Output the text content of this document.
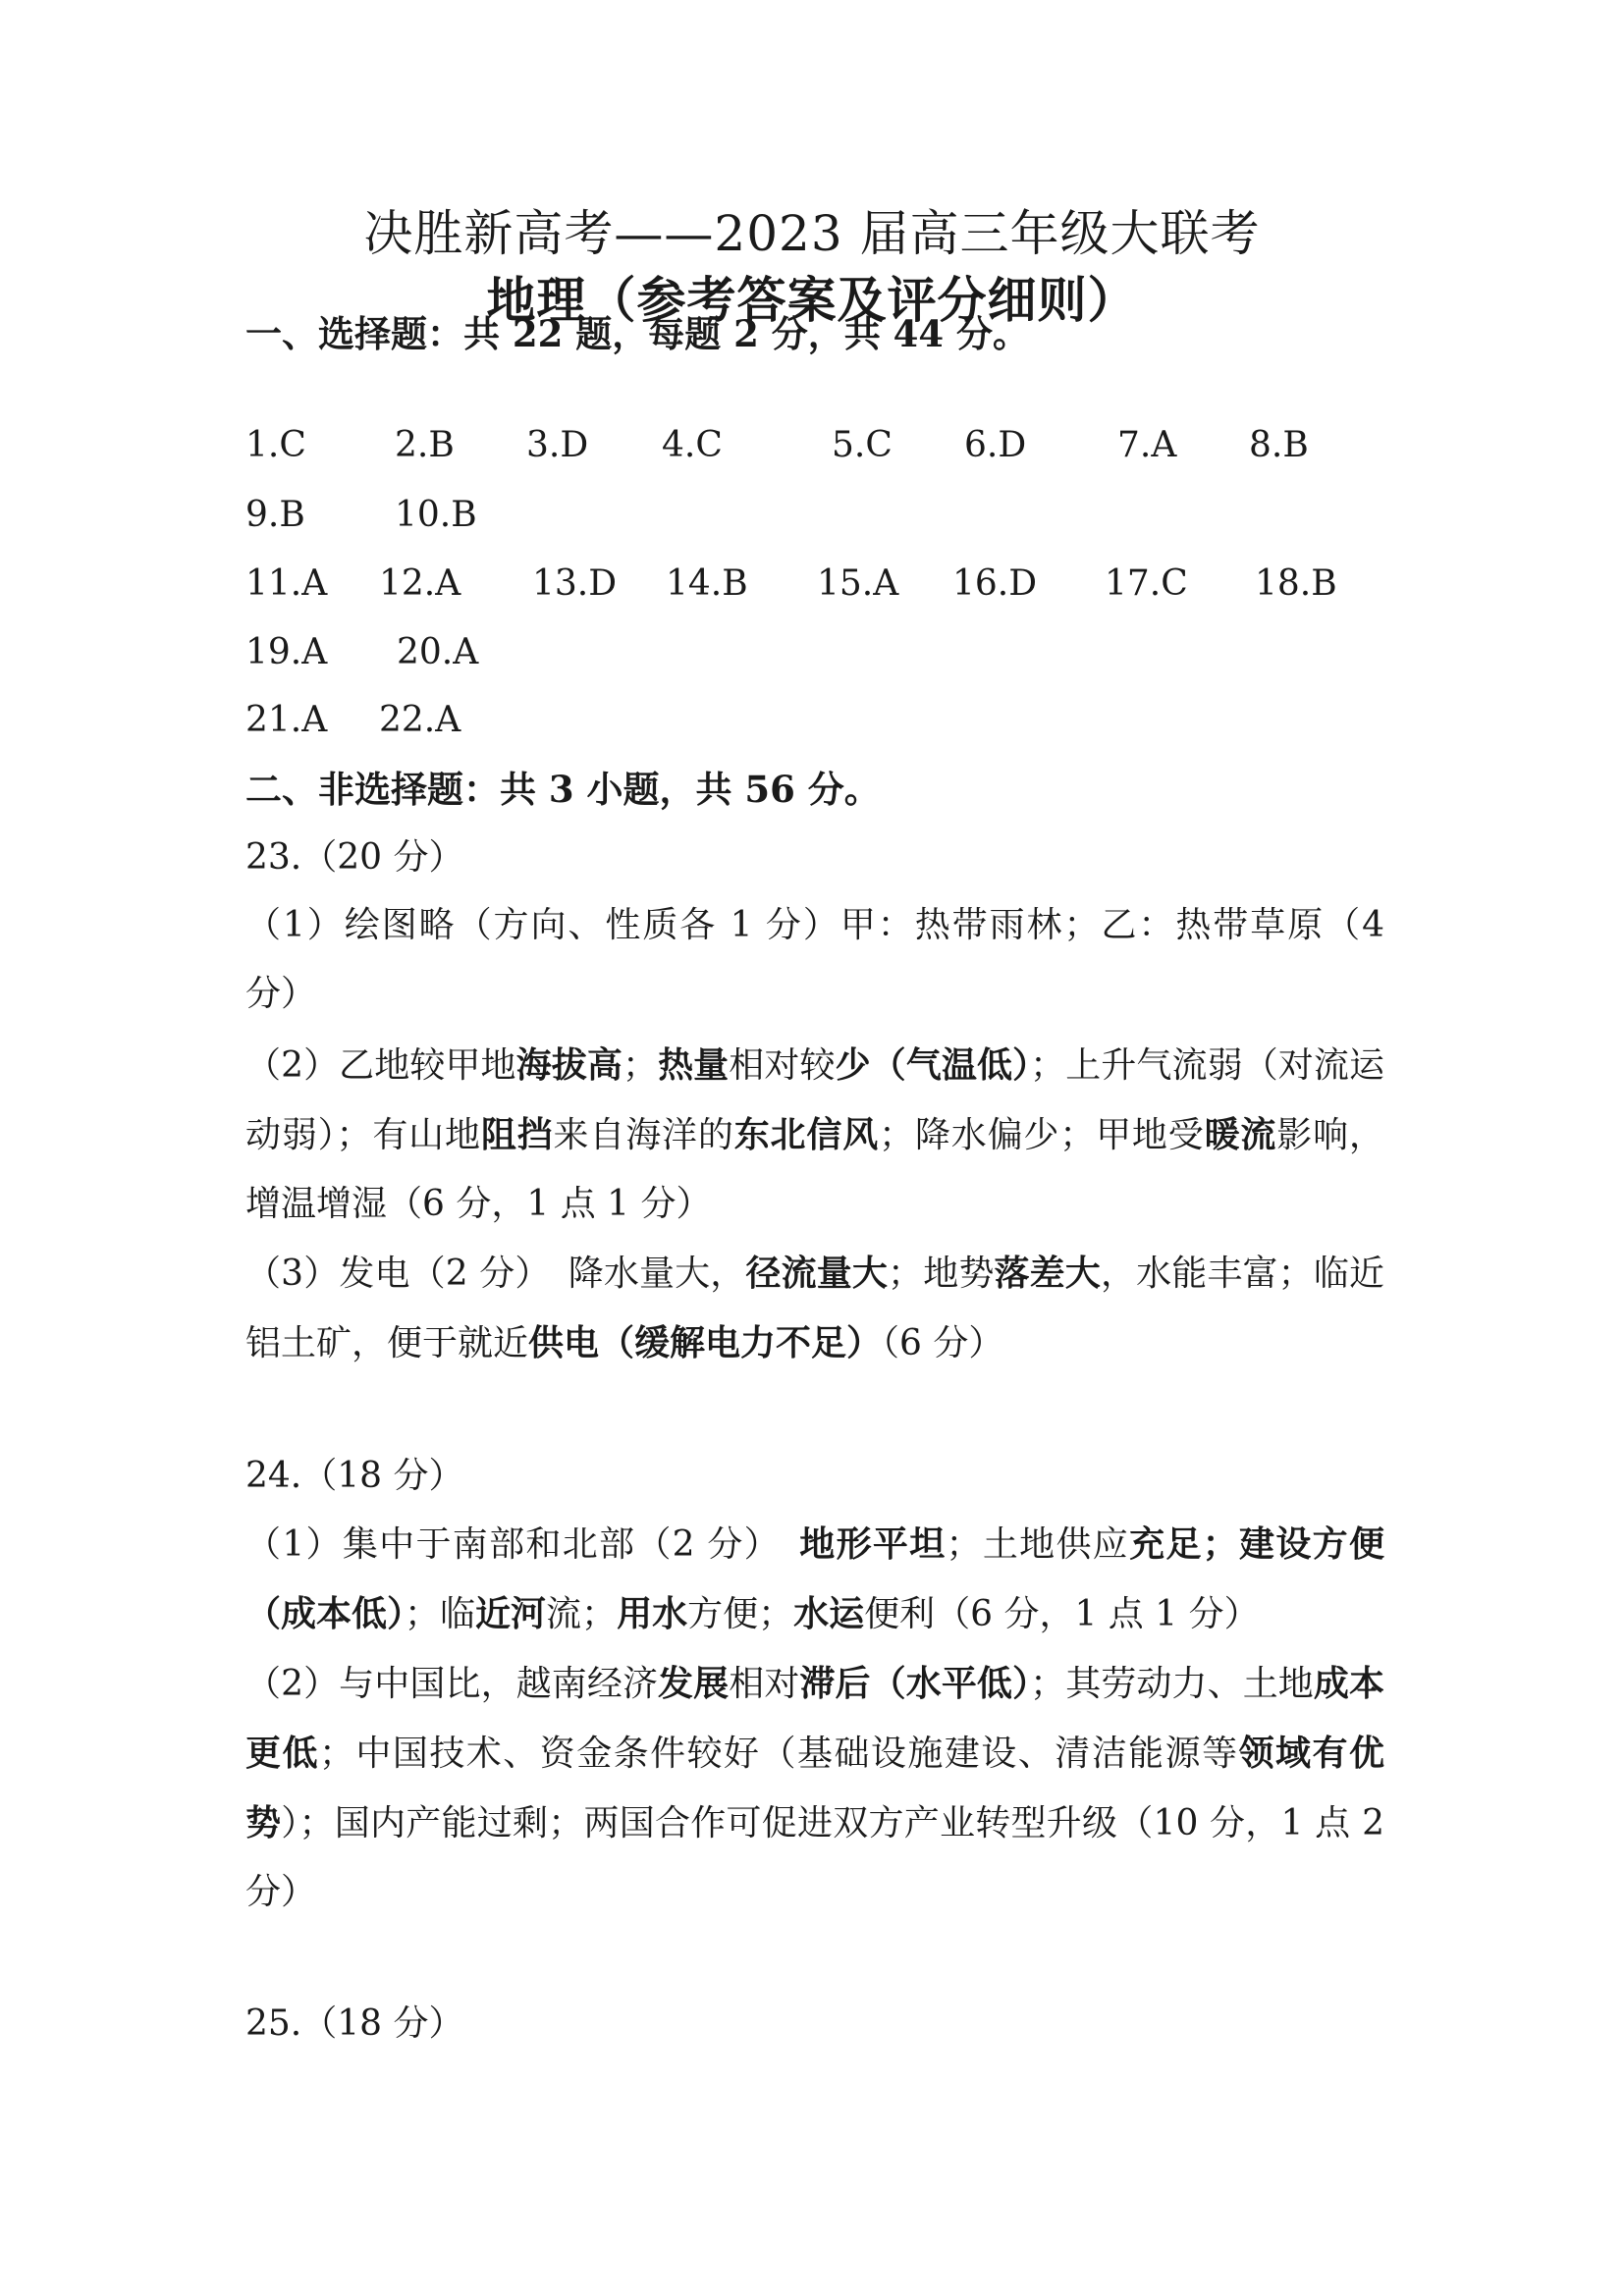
决胜新高考——2023 届高三年级大联考
地理（参考答案及评分细则）
一、选择题：共 22 题，每题 2 分，共 44 分。
1.C	2.B 3.D 4.C	5.C 6.D	7.A 8.B
9.B	10.B
11.A 12.A 13.D 14.B 15.A 16.D 17.C 18.B
19.A 20.A
21.A 22.A
二、非选择题：共 3 小题，共 56 分。
23.（20 分）
（1）绘图略（方向、性质各 1 分）甲：热带雨林；乙：热带草原（4 分）
（2）乙地较甲地海拔高；热量相对较少（气温低）；上升气流弱（对流运动弱）；有山地阻挡来自海洋的东北信风；降水偏少；甲地受暖流影响，增温增湿（6 分，1 点 1 分）
（3）发电（2 分）　降水量大，径流量大；地势落差大，水能丰富；临近铝土矿，便于就近供电（缓解电力不足）（6 分）
24.（18 分）
（1）集中于南部和北部（2 分）　地形平坦；土地供应充足；建设方便（成本低）；临近河流；用水方便；水运便利（6 分，1 点 1 分）
（2）与中国比，越南经济发展相对滞后（水平低）；其劳动力、土地成本更低；中国技术、资金条件较好（基础设施建设、清洁能源等领域有优势）；国内产能过剩；两国合作可促进双方产业转型升级（10 分，1 点 2 分）
25.（18 分）
